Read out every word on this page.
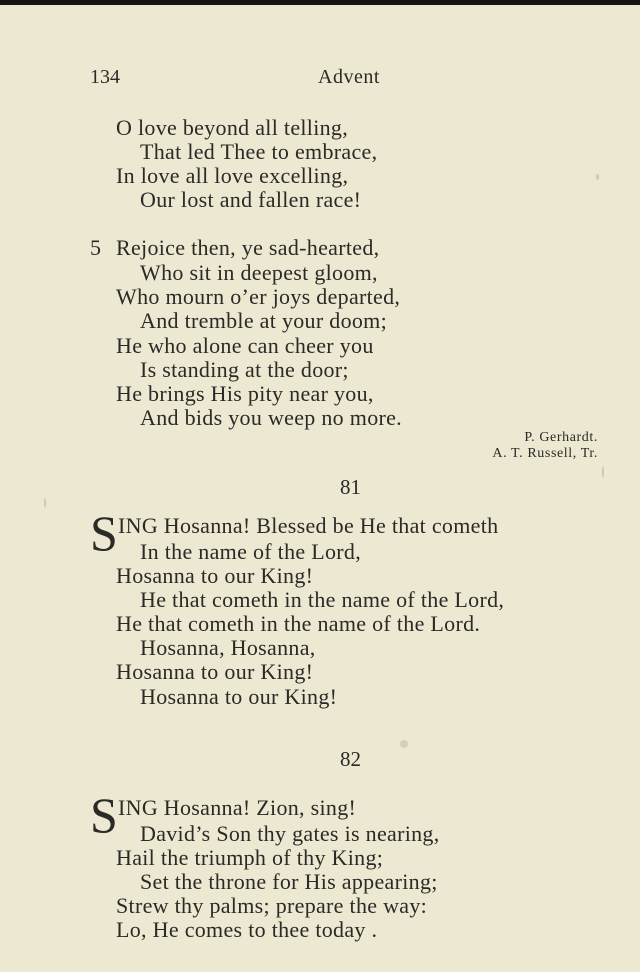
134	Advent
O love beyond all telling,
That led Thee to embrace,
In love all love excelling,
Our lost and fallen race!
5 Rejoice then, ye sad-hearted,
Who sit in deepest gloom,
Who mourn o’er joys departed,
And tremble at your doom;
He who alone can cheer you
Is standing at the door;
He brings His pity near you,
And bids you weep no more.
P. Gerhardt.
A. T. Russell, Tr.
81
S ING Hosanna! Blessed be He that cometh
In the name of the Lord,
Hosanna to our King!
He that cometh in the name of the Lord,
He that cometh in the name of the Lord.
Hosanna, Hosanna,
Hosanna to our King!
Hosanna to our King!
82
S ING Hosanna! Zion, sing!
David’s Son thy gates is nearing,
Hail the triumph of thy King;
Set the throne for His appearing;
Strew thy palms; prepare the way:
Lo, He comes to thee today .
